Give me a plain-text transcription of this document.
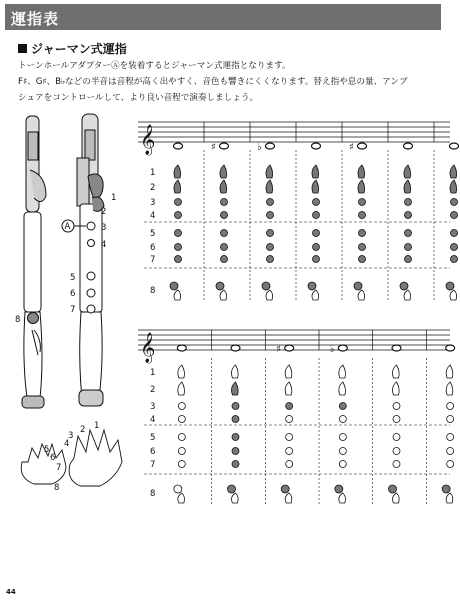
運指表
ジャーマン式運指
トーンホールアダプターⒶを装着するとジャーマン式運指となります。
F♯、G♯、B♭などの半音は音程が高く出やすく、音色も響きにくくなります。替え指や息の量、アンブ
シュアをコントロールして、より良い音程で演奏しましょう。
8
A
1
2
3
4
5
6
7
5
6
7
8
3
2 1
4
𝄞
1
2
3
4
5
6
7
8
♯	♭	♯
𝄞
1
2
3
4
5
6
7
8
♯	♭
44
